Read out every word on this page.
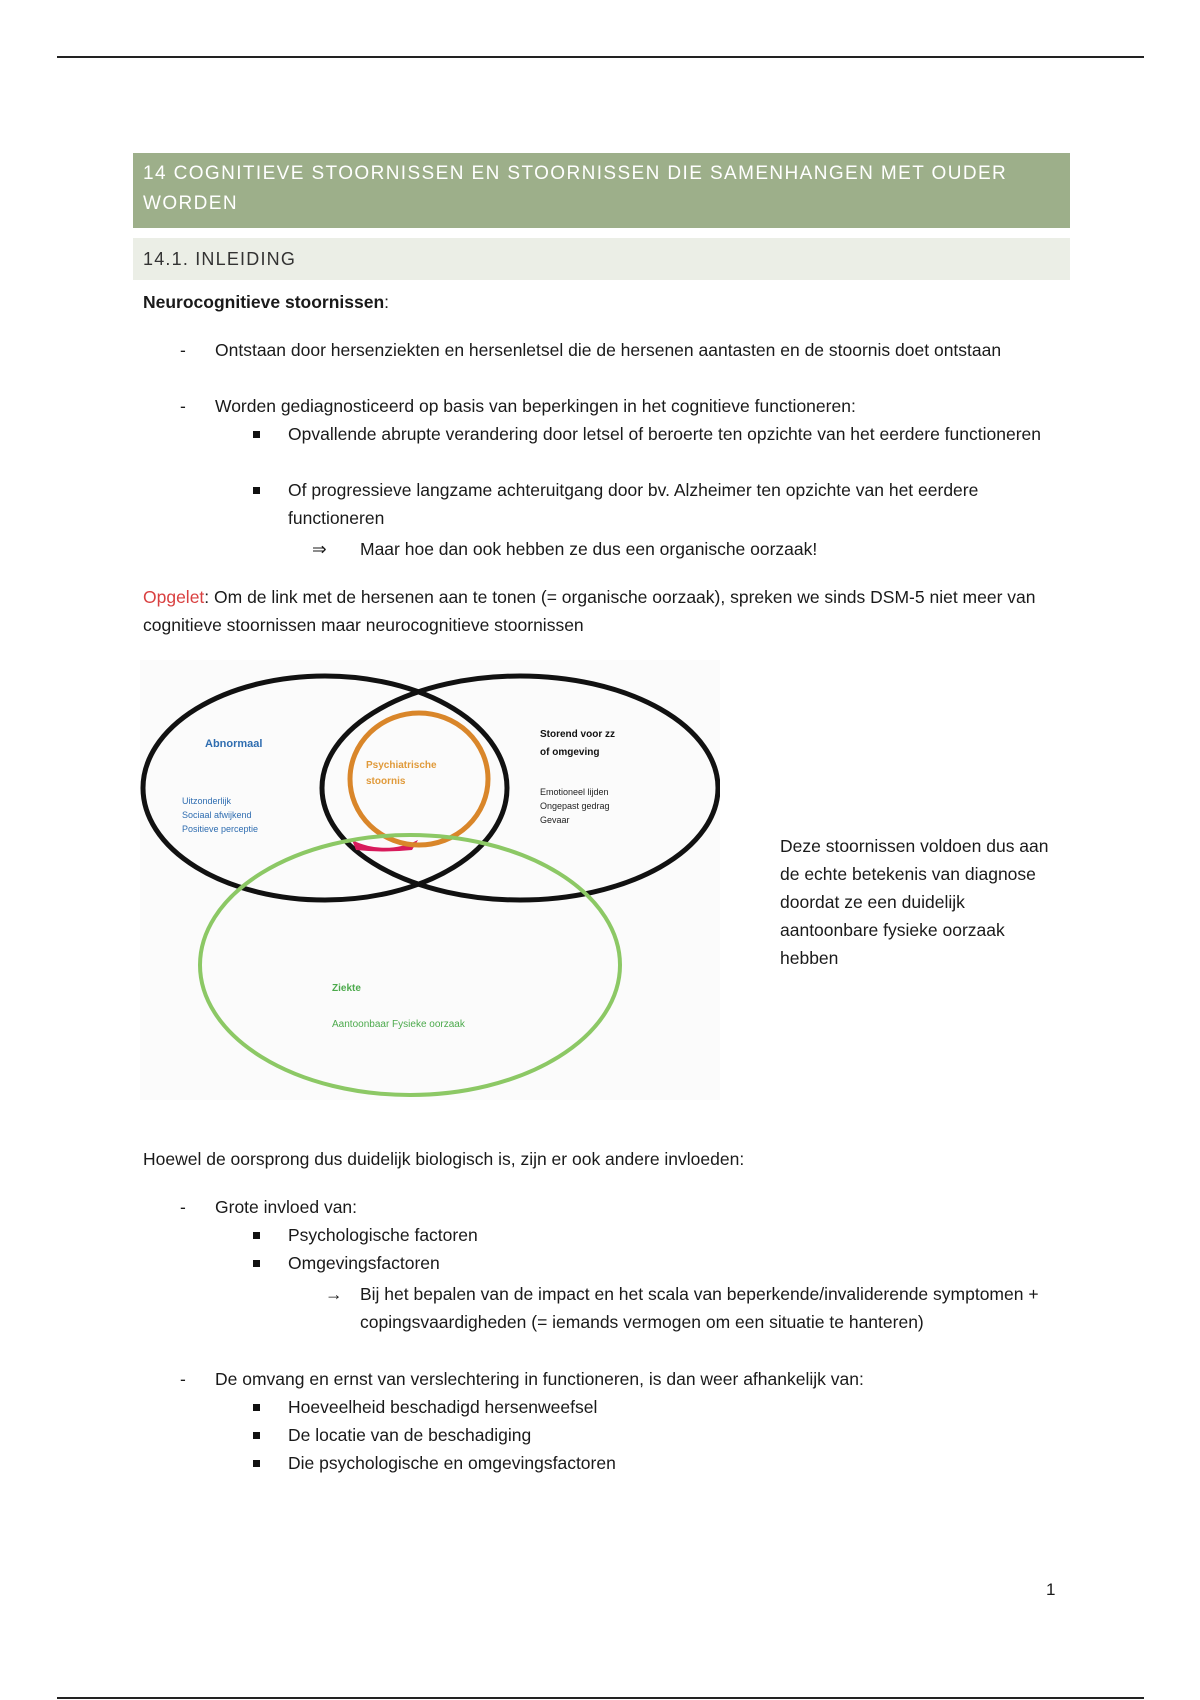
14 COGNITIEVE STOORNISSEN EN STOORNISSEN DIE SAMENHANGEN MET OUDER WORDEN
14.1. INLEIDING
Neurocognitieve stoornissen:
- Ontstaan door hersenziekten en hersenletsel die de hersenen aantasten en de stoornis doet ontstaan
- Worden gediagnosticeerd op basis van beperkingen in het cognitieve functioneren:
Opvallende abrupte verandering door letsel of beroerte ten opzichte van het eerdere functioneren
Of progressieve langzame achteruitgang door bv. Alzheimer ten opzichte van het eerdere functioneren
⇒ Maar hoe dan ook hebben ze dus een organische oorzaak!
Opgelet: Om de link met de hersenen aan te tonen (= organische oorzaak), spreken we sinds DSM-5 niet meer van cognitieve stoornissen maar neurocognitieve stoornissen
Abnormaal
Uitzonderlijk
Sociaal afwijkend
Positieve perceptie
Psychiatrische
stoornis
Storend voor zz
of omgeving
Emotioneel lijden
Ongepast gedrag
Gevaar
Ziekte
Aantoonbaar Fysieke oorzaak
Deze stoornissen voldoen dus aan de echte betekenis van diagnose doordat ze een duidelijk aantoonbare fysieke oorzaak hebben
Hoewel de oorsprong dus duidelijk biologisch is, zijn er ook andere invloeden:
- Grote invloed van:
Psychologische factoren
Omgevingsfactoren
→ Bij het bepalen van de impact en het scala van beperkende/invaliderende symptomen + copingsvaardigheden (= iemands vermogen om een situatie te hanteren)
- De omvang en ernst van verslechtering in functioneren, is dan weer afhankelijk van:
Hoeveelheid beschadigd hersenweefsel
De locatie van de beschadiging
Die psychologische en omgevingsfactoren
1
